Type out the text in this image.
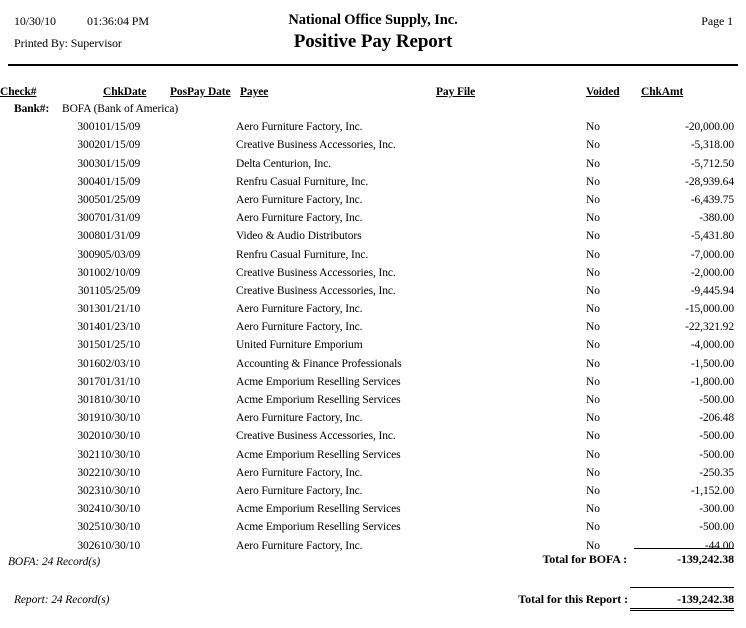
10/30/10	01:36:04 PM	Page 1
Printed By: Supervisor
National Office Supply, Inc.
Positive Pay Report
Check#	ChkDate	PosPay Date	Payee	Pay File	Voided	ChkAmt
Bank#: BOFA (Bank of America)						
3001	01/15/09		Aero Furniture Factory, Inc.		No	-20,000.00
3002	01/15/09		Creative Business Accessories, Inc.		No	-5,318.00
3003	01/15/09		Delta Centurion, Inc.		No	-5,712.50
3004	01/15/09		Renfru Casual Furniture, Inc.		No	-28,939.64
3005	01/25/09		Aero Furniture Factory, Inc.		No	-6,439.75
3007	01/31/09		Aero Furniture Factory, Inc.		No	-380.00
3008	01/31/09		Video & Audio Distributors		No	-5,431.80
3009	05/03/09		Renfru Casual Furniture, Inc.		No	-7,000.00
3010	02/10/09		Creative Business Accessories, Inc.		No	-2,000.00
3011	05/25/09		Creative Business Accessories, Inc.		No	-9,445.94
3013	01/21/10		Aero Furniture Factory, Inc.		No	-15,000.00
3014	01/23/10		Aero Furniture Factory, Inc.		No	-22,321.92
3015	01/25/10		United Furniture Emporium		No	-4,000.00
3016	02/03/10		Accounting & Finance Professionals		No	-1,500.00
3017	01/31/10		Acme Emporium Reselling Services		No	-1,800.00
3018	10/30/10		Acme Emporium Reselling Services		No	-500.00
3019	10/30/10		Aero Furniture Factory, Inc.		No	-206.48
3020	10/30/10		Creative Business Accessories, Inc.		No	-500.00
3021	10/30/10		Acme Emporium Reselling Services		No	-500.00
3022	10/30/10		Aero Furniture Factory, Inc.		No	-250.35
3023	10/30/10		Aero Furniture Factory, Inc.		No	-1,152.00
3024	10/30/10		Acme Emporium Reselling Services		No	-300.00
3025	10/30/10		Acme Emporium Reselling Services		No	-500.00
3026	10/30/10		Aero Furniture Factory, Inc.		No	-44.00
BOFA: 24 Record(s)	Total for BOFA :	-139,242.38
Report: 24 Record(s)	Total for this Report :	-139,242.38
